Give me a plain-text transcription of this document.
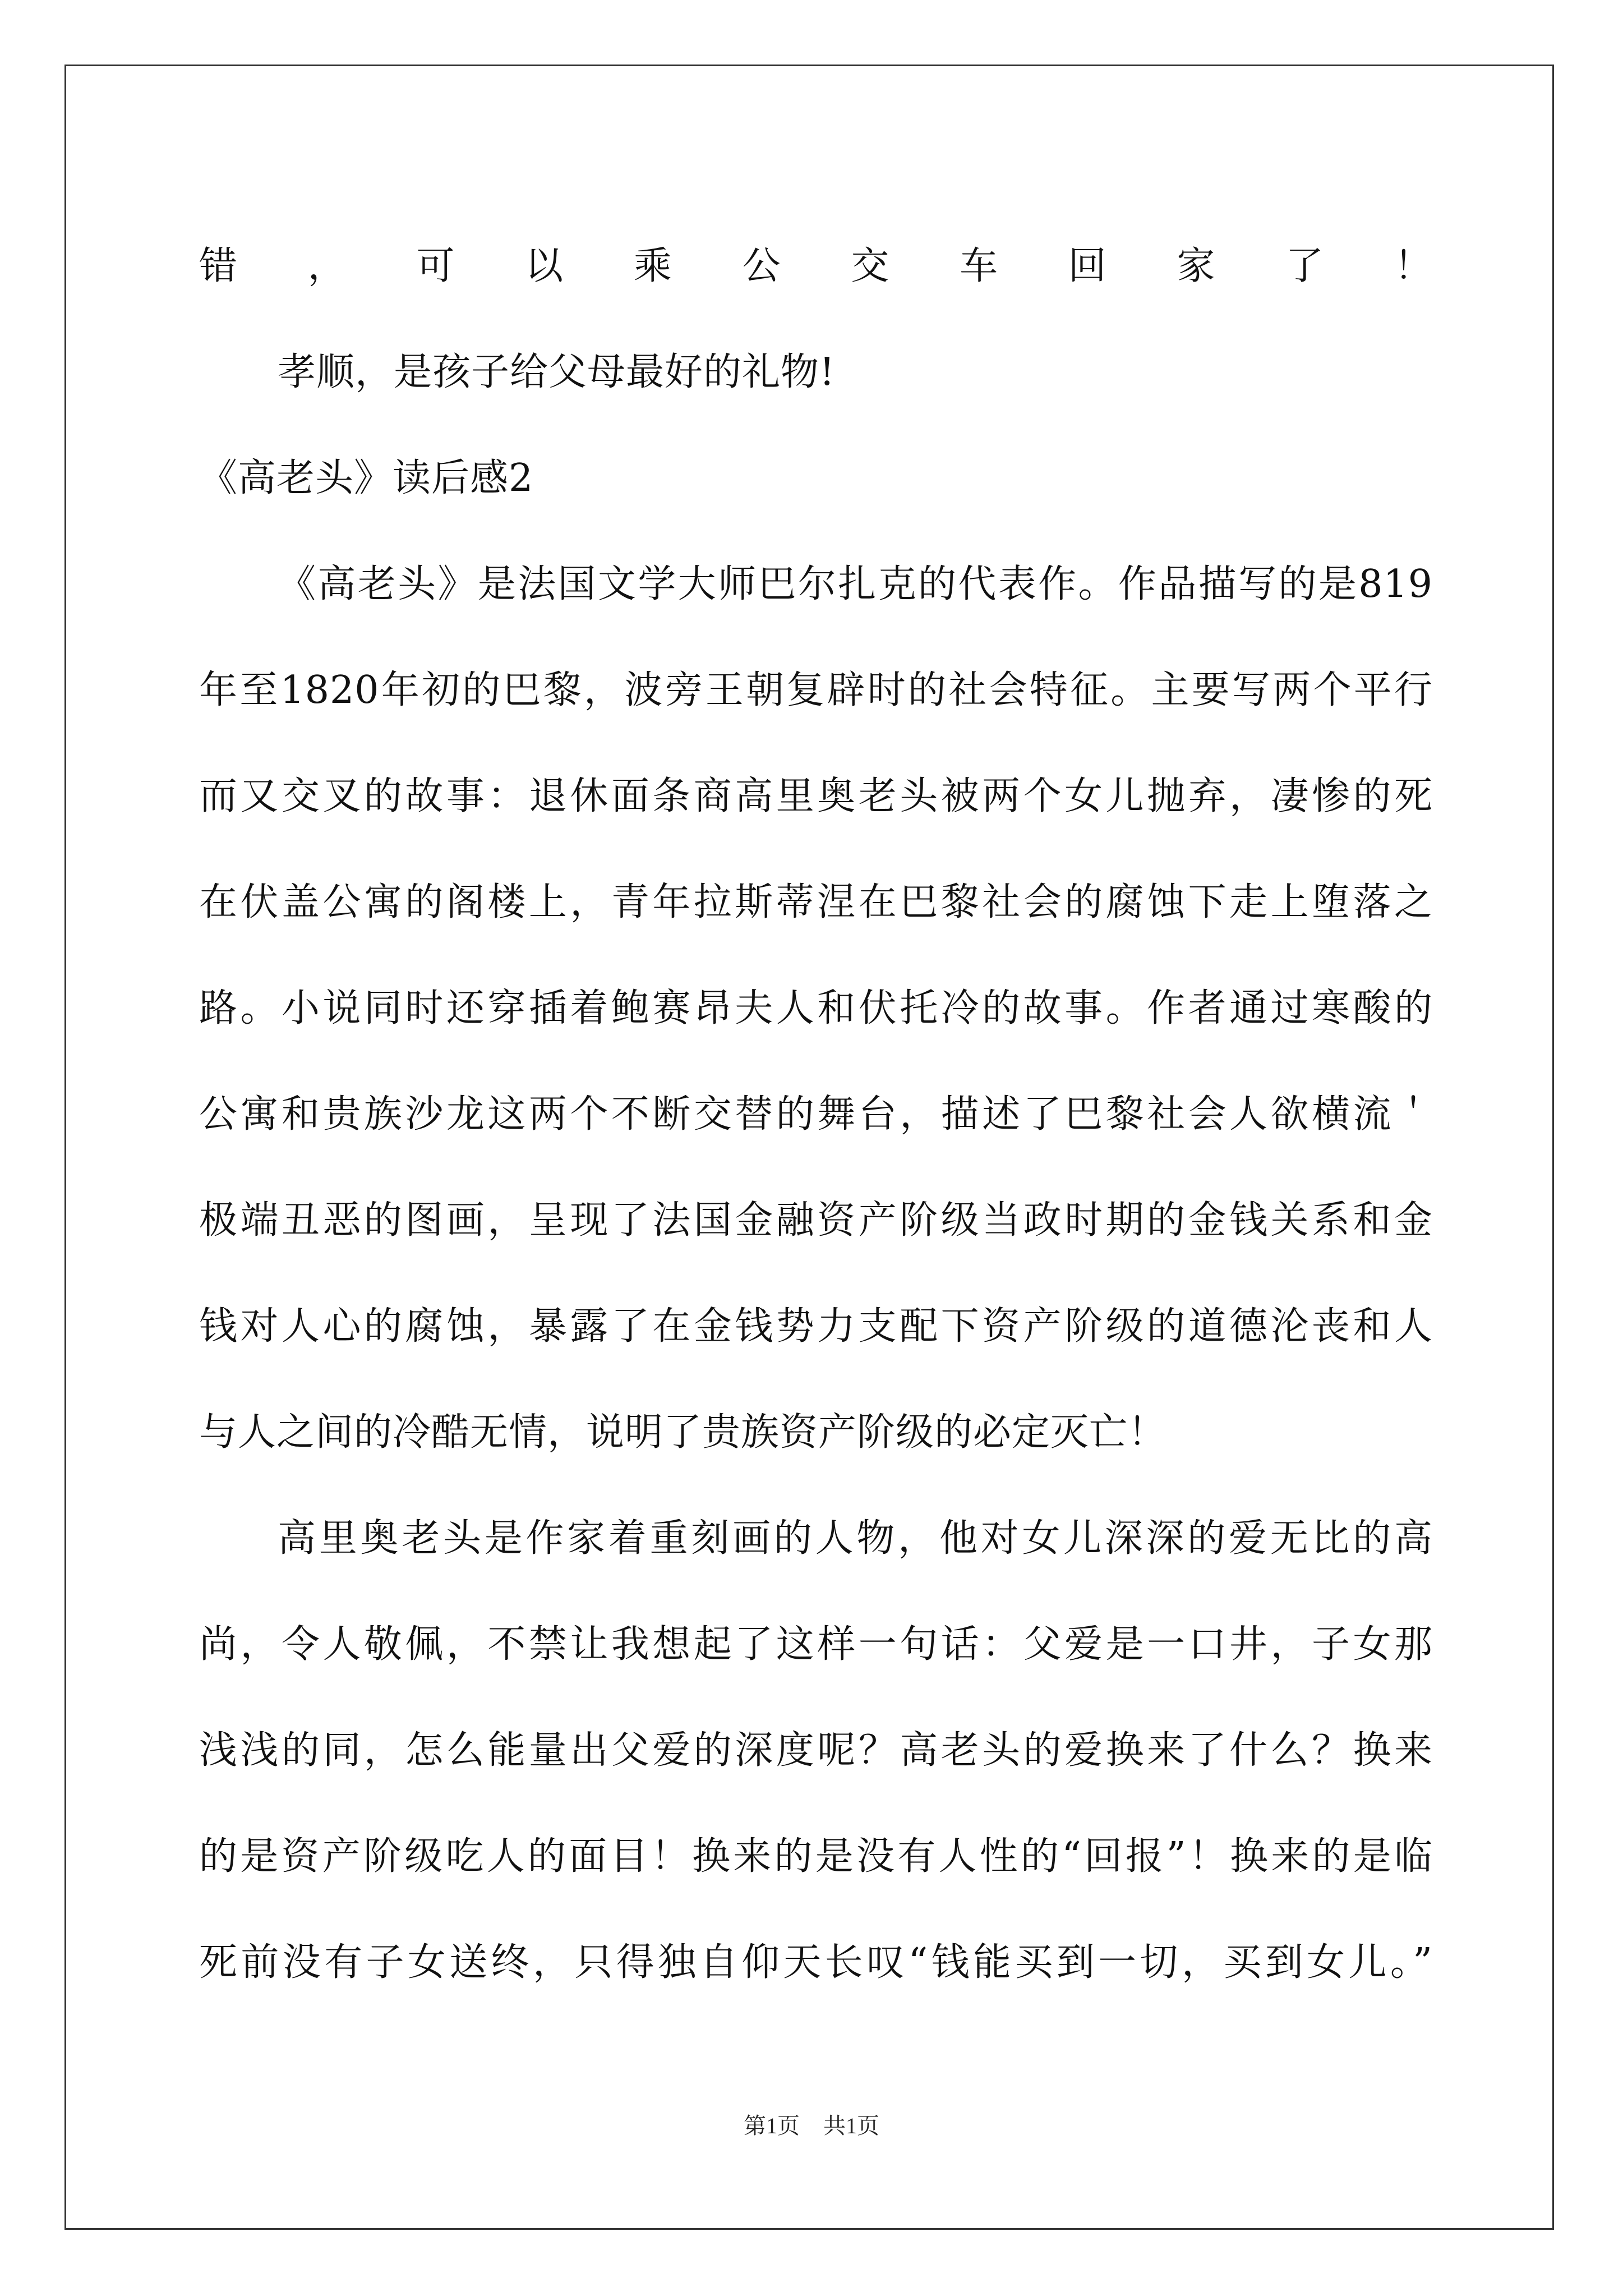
错，可以乘公交车回家了！
孝顺，是孩子给父母最好的礼物!
《高老头》读后感2
《高老头》是法国文学大师巴尔扎克的代表作。作品描写的是819
年至1820年初的巴黎，波旁王朝复辟时的社会特征。主要写两个平行
而又交叉的故事：退休面条商高里奥老头被两个女儿抛弃，凄惨的死
在伏盖公寓的阁楼上，青年拉斯蒂涅在巴黎社会的腐蚀下走上堕落之
路。小说同时还穿插着鲍赛昂夫人和伏托冷的故事。作者通过寒酸的
公寓和贵族沙龙这两个不断交替的舞台，描述了巴黎社会人欲横流＇
极端丑恶的图画，呈现了法国金融资产阶级当政时期的金钱关系和金
钱对人心的腐蚀，暴露了在金钱势力支配下资产阶级的道德沦丧和人
与人之间的冷酷无情，说明了贵族资产阶级的必定灭亡！
高里奥老头是作家着重刻画的人物，他对女儿深深的爱无比的高
尚，令人敬佩，不禁让我想起了这样一句话：父爱是一口井，子女那
浅浅的同，怎么能量出父爱的深度呢？高老头的爱换来了什么？换来
的是资产阶级吃人的面目！换来的是没有人性的“回报”！换来的是临
死前没有子女送终，只得独自仰天长叹“钱能买到一切，买到女儿。”
第1页 共1页
